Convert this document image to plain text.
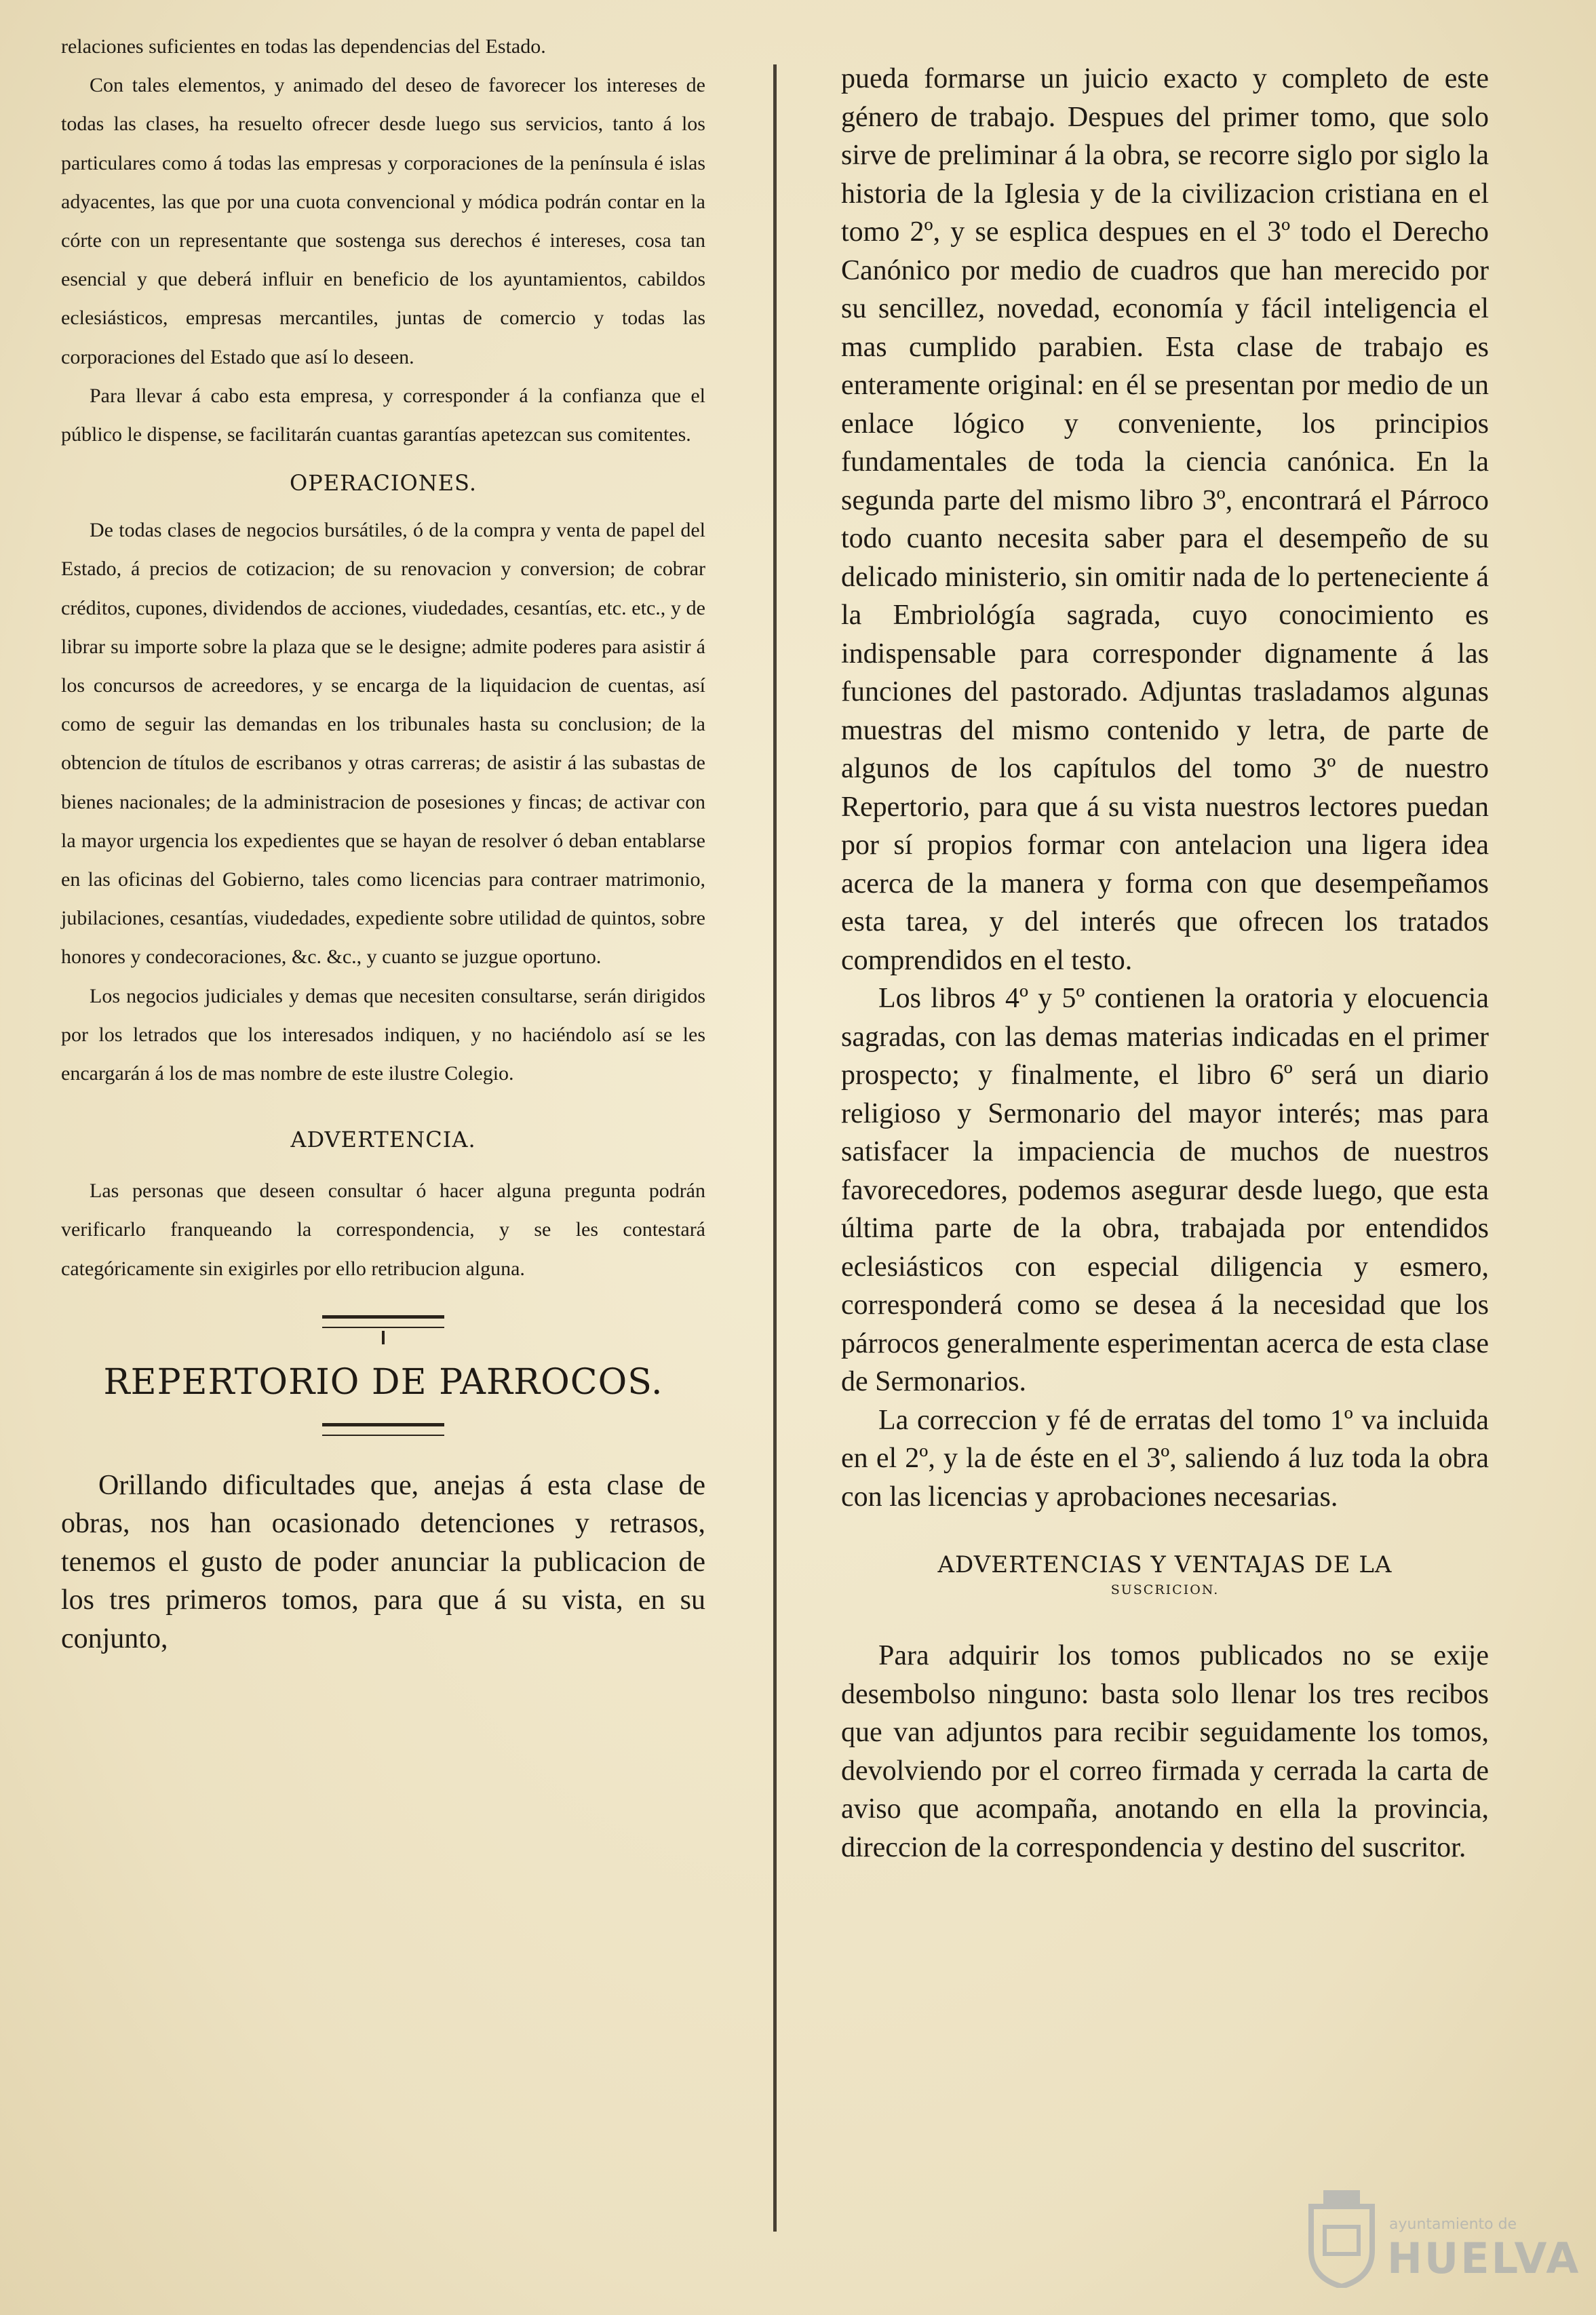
relaciones suficientes en todas las dependencias del Estado.

Con tales elementos, y animado del deseo de favorecer los intereses de todas las clases, ha resuelto ofrecer desde luego sus servicios, tanto á los particulares como á todas las empresas y corporaciones de la península é islas adyacentes, las que por una cuota convencional y módica podrán contar en la córte con un representante que sostenga sus derechos é intereses, cosa tan esencial y que deberá influir en beneficio de los ayuntamientos, cabildos eclesiásticos, empresas mercantiles, juntas de comercio y todas las corporaciones del Estado que así lo deseen.

Para llevar á cabo esta empresa, y corresponder á la confianza que el público le dispense, se facilitarán cuantas garantías apetezcan sus comitentes.

OPERACIONES.

De todas clases de negocios bursátiles, ó de la compra y venta de papel del Estado, á precios de cotizacion; de su renovacion y conversion; de cobrar créditos, cupones, dividendos de acciones, viudedades, cesantías, etc. etc., y de librar su importe sobre la plaza que se le designe; admite poderes para asistir á los concursos de acreedores, y se encarga de la liquidacion de cuentas, así como de seguir las demandas en los tribunales hasta su conclusion; de la obtencion de títulos de escribanos y otras carreras; de asistir á las subastas de bienes nacionales; de la administracion de posesiones y fincas; de activar con la mayor urgencia los expedientes que se hayan de resolver ó deban entablarse en las oficinas del Gobierno, tales como licencias para contraer matrimonio, jubilaciones, cesantías, viudedades, expediente sobre utilidad de quintos, sobre honores y condecoraciones, &c. &c., y cuanto se juzgue oportuno.

Los negocios judiciales y demas que necesiten consultarse, serán dirigidos por los letrados que los interesados indiquen, y no haciéndolo así se les encargarán á los de mas nombre de este ilustre Colegio.

ADVERTENCIA.

Las personas que deseen consultar ó hacer alguna pregunta podrán verificarlo franqueando la correspondencia, y se les contestará categóricamente sin exigirles por ello retribucion alguna.

REPERTORIO DE PARROCOS.

Orillando dificultades que, anejas á esta clase de obras, nos han ocasionado detenciones y retrasos, tenemos el gusto de poder anunciar la publicacion de los tres primeros tomos, para que á su vista, en su conjunto,

pueda formarse un juicio exacto y completo de este género de trabajo. Despues del primer tomo, que solo sirve de preliminar á la obra, se recorre siglo por siglo la historia de la Iglesia y de la civilizacion cristiana en el tomo 2º, y se esplica despues en el 3º todo el Derecho Canónico por medio de cuadros que han merecido por su sencillez, novedad, economía y fácil inteligencia el mas cumplido parabien. Esta clase de trabajo es enteramente original: en él se presentan por medio de un enlace lógico y conveniente, los principios fundamentales de toda la ciencia canónica. En la segunda parte del mismo libro 3º, encontrará el Párroco todo cuanto necesita saber para el desempeño de su delicado ministerio, sin omitir nada de lo perteneciente á la Embriológía sagrada, cuyo conocimiento es indispensable para corresponder dignamente á las funciones del pastorado. Adjuntas trasladamos algunas muestras del mismo contenido y letra, de parte de algunos de los capítulos del tomo 3º de nuestro Repertorio, para que á su vista nuestros lectores puedan por sí propios formar con antelacion una ligera idea acerca de la manera y forma con que desempeñamos esta tarea, y del interés que ofrecen los tratados comprendidos en el testo.

Los libros 4º y 5º contienen la oratoria y elocuencia sagradas, con las demas materias indicadas en el primer prospecto; y finalmente, el libro 6º será un diario religioso y Sermonario del mayor interés; mas para satisfacer la impaciencia de muchos de nuestros favorecedores, podemos asegurar desde luego, que esta última parte de la obra, trabajada por entendidos eclesiásticos con especial diligencia y esmero, corresponderá como se desea á la necesidad que los párrocos generalmente esperimentan acerca de esta clase de Sermonarios.

La correccion y fé de erratas del tomo 1º va incluida en el 2º, y la de éste en el 3º, saliendo á luz toda la obra con las licencias y aprobaciones necesarias.

ADVERTENCIAS Y VENTAJAS DE LA
SUSCRICION.

Para adquirir los tomos publicados no se exije desembolso ninguno: basta solo llenar los tres recibos que van adjuntos para recibir seguidamente los tomos, devolviendo por el correo firmada y cerrada la carta de aviso que acompaña, anotando en ella la provincia, direccion de la correspondencia y destino del suscritor.

ayuntamiento de
HUELVA
